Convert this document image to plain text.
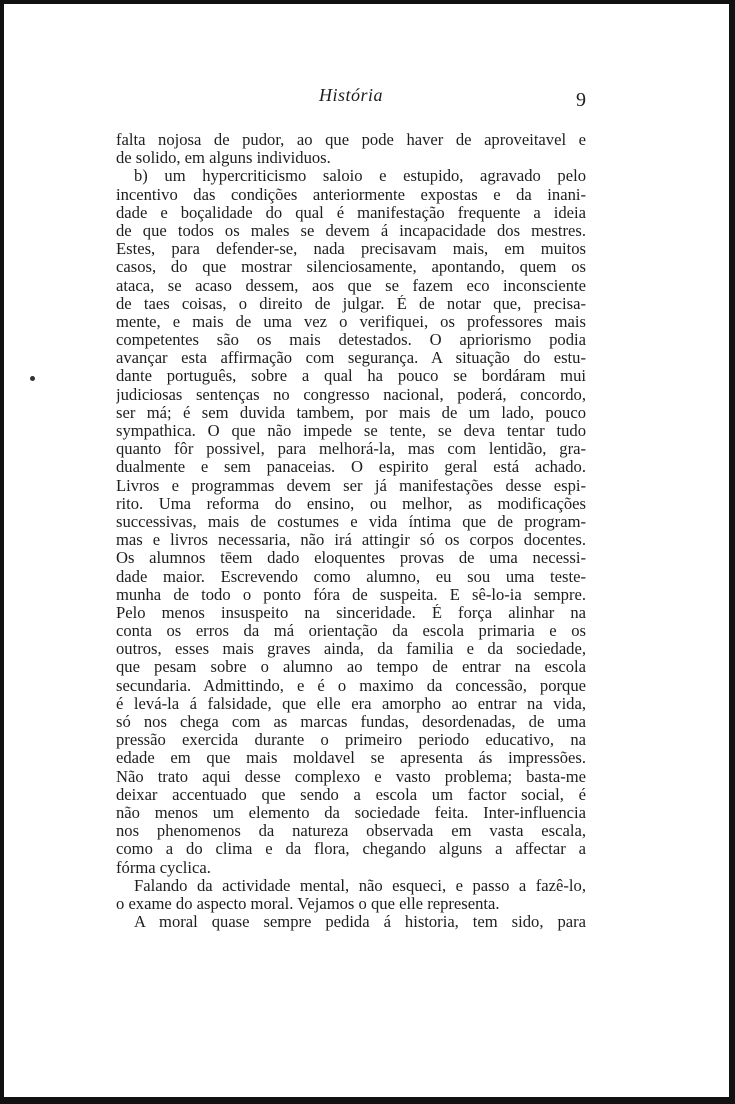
História	9
falta nojosa de pudor, ao que pode haver de aproveitavel e
de solido, em alguns individuos.
b) um hypercriticismo saloio e estupido, agravado pelo
incentivo das condições anteriormente expostas e da inani-
dade e boçalidade do qual é manifestação frequente a ideia
de que todos os males se devem á incapacidade dos mestres.
Estes, para defender-se, nada precisavam mais, em muitos
casos, do que mostrar silenciosamente, apontando, quem os
ataca, se acaso dessem, aos que se fazem eco inconsciente
de taes coisas, o direito de julgar. É de notar que, precisa-
mente, e mais de uma vez o verifiquei, os professores mais
competentes são os mais detestados. O apriorismo podia
avançar esta affirmação com segurança. A situação do estu-
dante português, sobre a qual ha pouco se bordáram mui
judiciosas sentenças no congresso nacional, poderá, concordo,
ser má; é sem duvida tambem, por mais de um lado, pouco
sympathica. O que não impede se tente, se deva tentar tudo
quanto fôr possivel, para melhorá-la, mas com lentidão, gra-
dualmente e sem panaceias. O espirito geral está achado.
Livros e programmas devem ser já manifestações desse espi-
rito. Uma reforma do ensino, ou melhor, as modificações
successivas, mais de costumes e vida íntima que de program-
mas e livros necessaria, não irá attingir só os corpos docentes.
Os alumnos tēem dado eloquentes provas de uma necessi-
dade maior. Escrevendo como alumno, eu sou uma teste-
munha de todo o ponto fóra de suspeita. E sê-lo-ia sempre.
Pelo menos insuspeito na sinceridade. É força alinhar na
conta os erros da má orientação da escola primaria e os
outros, esses mais graves ainda, da familia e da sociedade,
que pesam sobre o alumno ao tempo de entrar na escola
secundaria. Admittindo, e é o maximo da concessão, porque
é levá-la á falsidade, que elle era amorpho ao entrar na vida,
só nos chega com as marcas fundas, desordenadas, de uma
pressão exercida durante o primeiro periodo educativo, na
edade em que mais moldavel se apresenta ás impressões.
Não trato aqui desse complexo e vasto problema; basta-me
deixar accentuado que sendo a escola um factor social, é
não menos um elemento da sociedade feita. Inter-influencia
nos phenomenos da natureza observada em vasta escala,
como a do clima e da flora, chegando alguns a affectar a
fórma cyclica.
Falando da actividade mental, não esqueci, e passo a fazê-lo,
o exame do aspecto moral. Vejamos o que elle representa.
A moral quase sempre pedida á historia, tem sido, para
